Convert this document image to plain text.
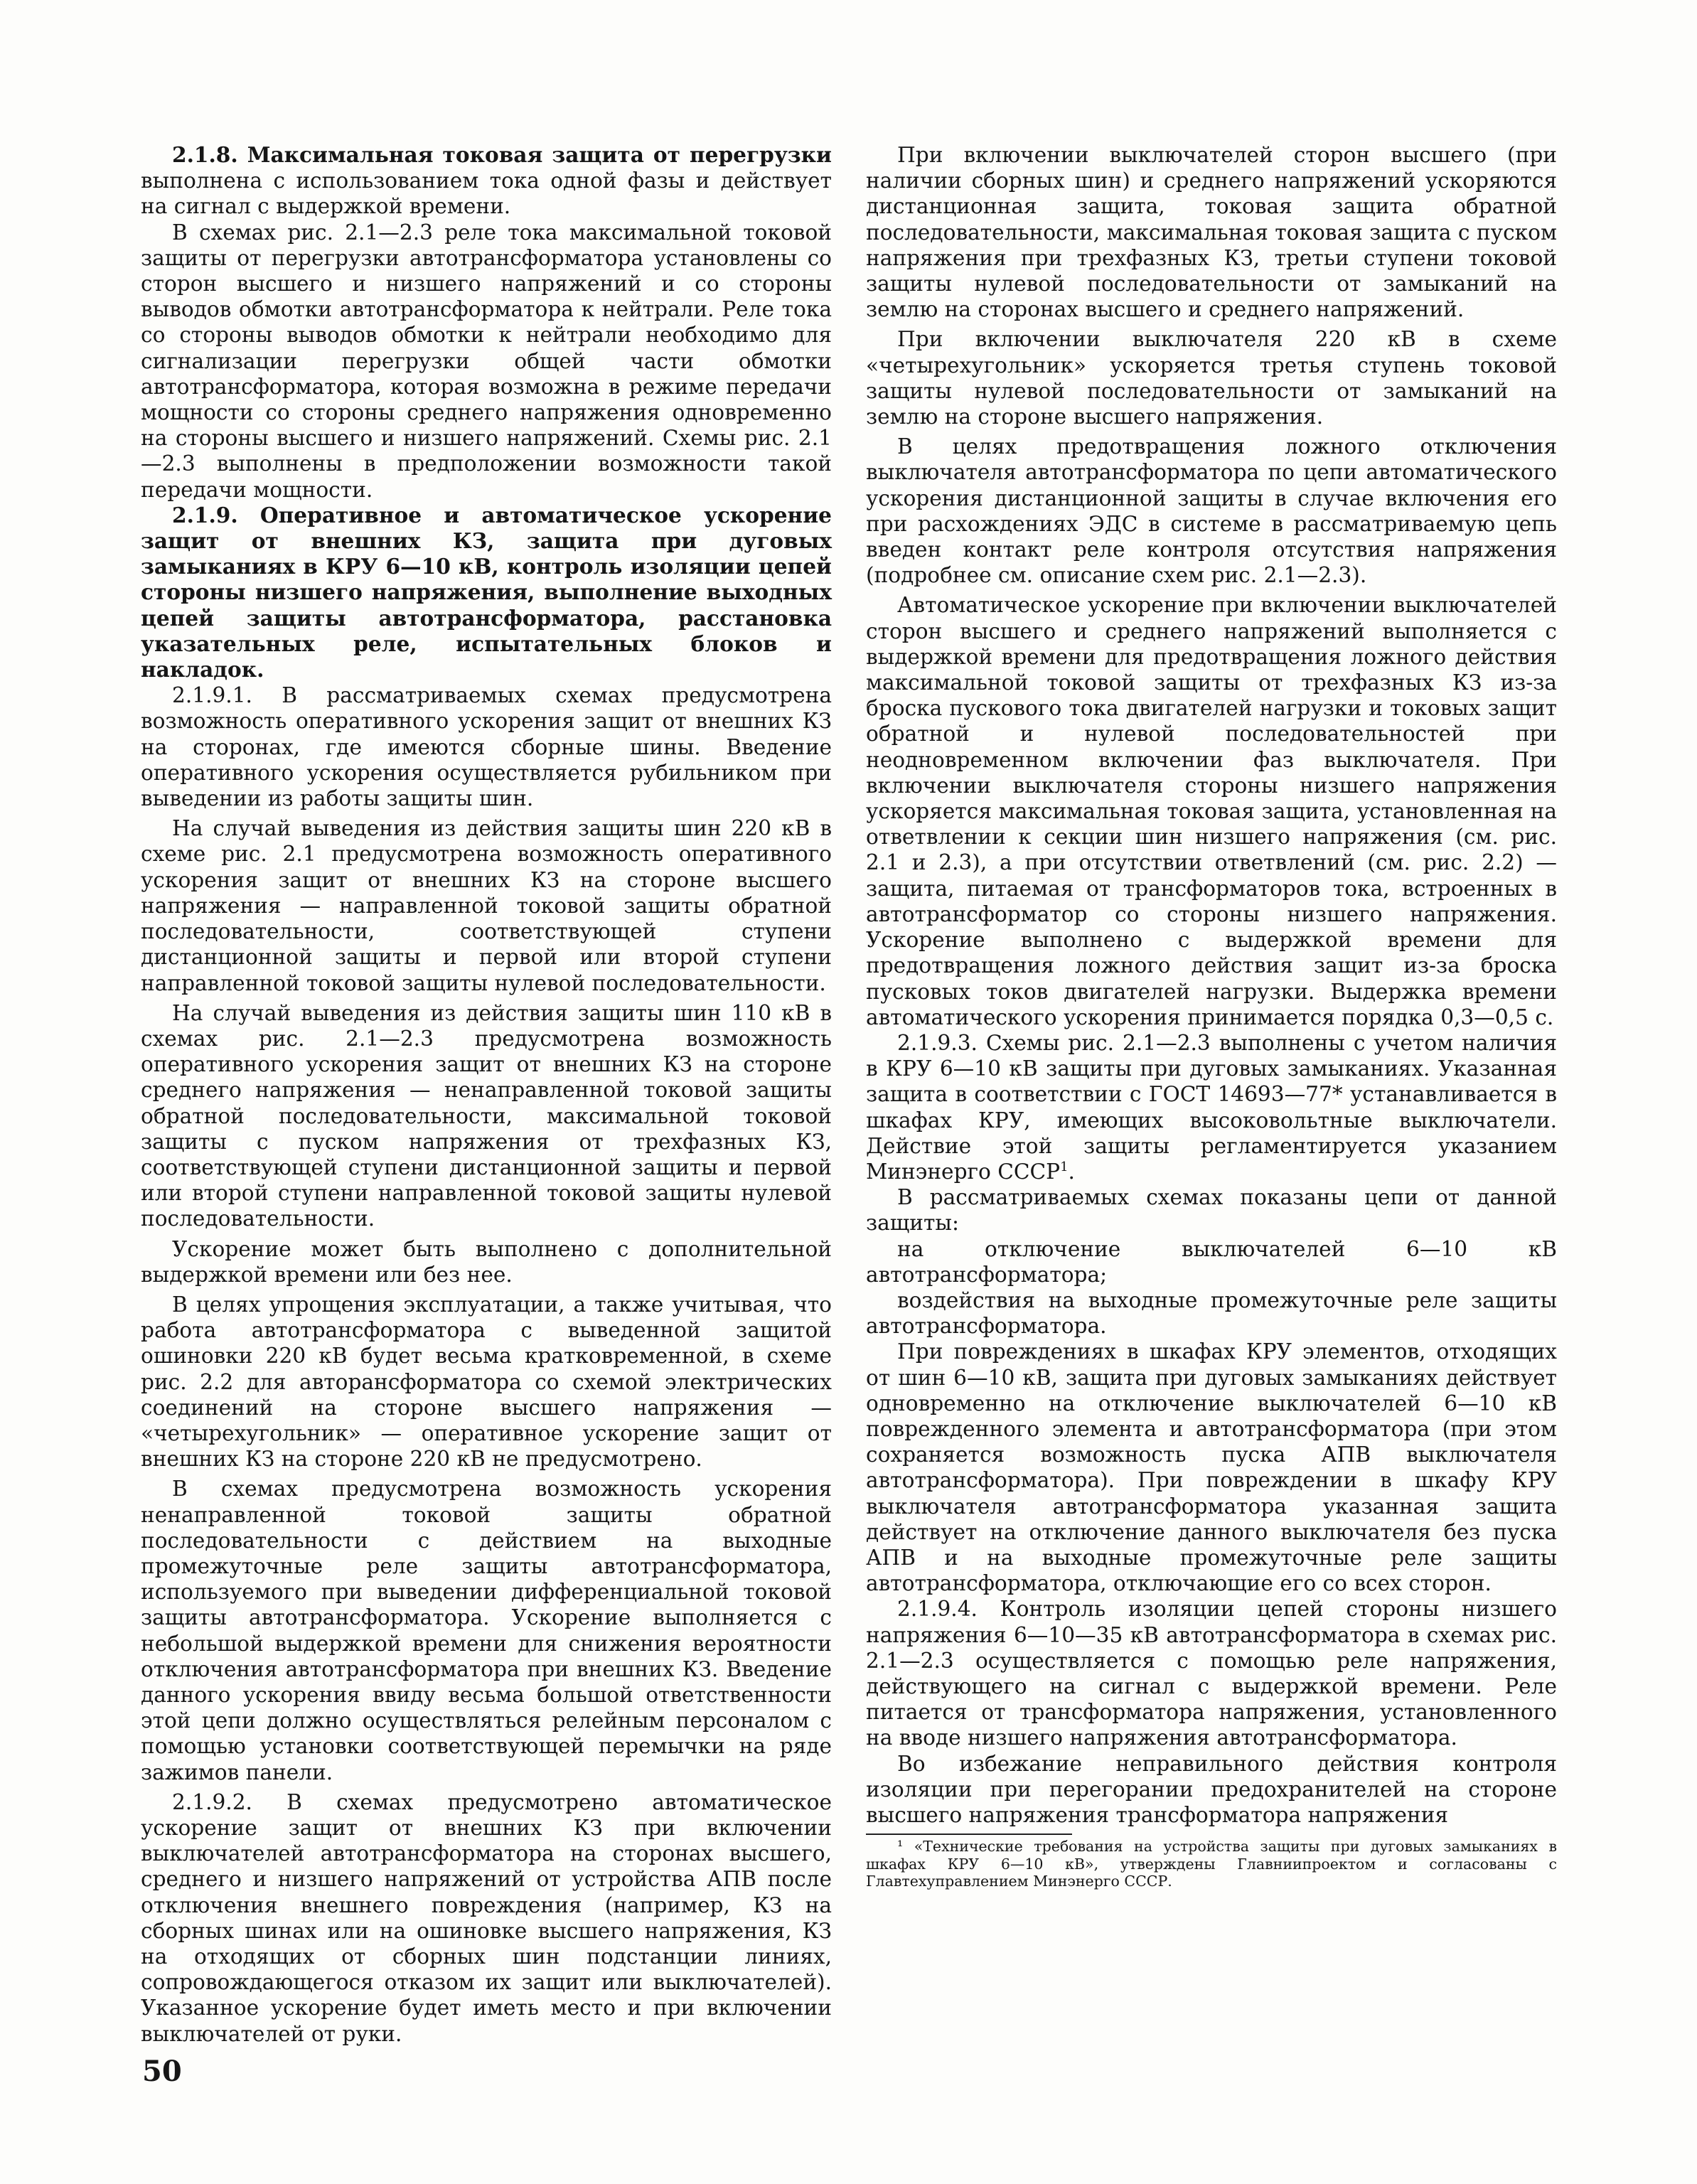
2.1.8. Максимальная токовая защита от перегрузки выполнена с использованием тока одной фазы и действует на сигнал с выдержкой времени.

В схемах рис. 2.1—2.3 реле тока максимальной токовой защиты от перегрузки автотрансформатора установлены со сторон высшего и низшего напряжений и со стороны выводов обмотки автотрансформатора к нейтрали. Реле тока со стороны выводов обмотки к нейтрали необходимо для сигнализации перегрузки общей части обмотки автотрансформатора, которая возможна в режиме передачи мощности со стороны среднего напряжения одновременно на стороны высшего и низшего напряжений. Схемы рис. 2.1—2.3 выполнены в предположении возможности такой передачи мощности.

2.1.9. Оперативное и автоматическое ускорение защит от внешних КЗ, защита при дуговых замыканиях в КРУ 6—10 кВ, контроль изоляции цепей стороны низшего напряжения, выполнение выходных цепей защиты автотрансформатора, расстановка указательных реле, испытательных блоков и накладок.

2.1.9.1. В рассматриваемых схемах предусмотрена возможность оперативного ускорения защит от внешних КЗ на сторонах, где имеются сборные шины. Введение оперативного ускорения осуществляется рубильником при выведении из работы защиты шин.

На случай выведения из действия защиты шин 220 кВ в схеме рис. 2.1 предусмотрена возможность оперативного ускорения защит от внешних КЗ на стороне высшего напряжения — направленной токовой защиты обратной последовательности, соответствующей ступени дистанционной защиты и первой или второй ступени направленной токовой защиты нулевой последовательности.

На случай выведения из действия защиты шин 110 кВ в схемах рис. 2.1—2.3 предусмотрена возможность оперативного ускорения защит от внешних КЗ на стороне среднего напряжения — ненаправленной токовой защиты обратной последовательности, максимальной токовой защиты с пуском напряжения от трехфазных КЗ, соответствующей ступени дистанционной защиты и первой или второй ступени направленной токовой защиты нулевой последовательности.

Ускорение может быть выполнено с дополнительной выдержкой времени или без нее.

В целях упрощения эксплуатации, а также учитывая, что работа автотрансформатора с выведенной защитой ошиновки 220 кВ будет весьма кратковременной, в схеме рис. 2.2 для авторансформатора со схемой электрических соединений на стороне высшего напряжения — «четырехугольник» — оперативное ускорение защит от внешних КЗ на стороне 220 кВ не предусмотрено.

В схемах предусмотрена возможность ускорения ненаправленной токовой защиты обратной последовательности с действием на выходные промежуточные реле защиты автотрансформатора, используемого при выведении дифференциальной токовой защиты автотрансформатора. Ускорение выполняется с небольшой выдержкой времени для снижения вероятности отключения автотрансформатора при внешних КЗ. Введение данного ускорения ввиду весьма большой ответственности этой цепи должно осуществляться релейным персоналом с помощью установки соответствующей перемычки на ряде зажимов панели.

2.1.9.2. В схемах предусмотрено автоматическое ускорение защит от внешних КЗ при включении выключателей автотрансформатора на сторонах высшего, среднего и низшего напряжений от устройства АПВ после отключения внешнего повреждения (например, КЗ на сборных шинах или на ошиновке высшего напряжения, КЗ на отходящих от сборных шин подстанции линиях, сопровождающегося отказом их защит или выключателей). Указанное ускорение будет иметь место и при включении выключателей от руки.

При включении выключателей сторон высшего (при наличии сборных шин) и среднего напряжений ускоряются дистанционная защита, токовая защита обратной последовательности, максимальная токовая защита с пуском напряжения при трехфазных КЗ, третьи ступени токовой защиты нулевой последовательности от замыканий на землю на сторонах высшего и среднего напряжений.

При включении выключателя 220 кВ в схеме «четырехугольник» ускоряется третья ступень токовой защиты нулевой последовательности от замыканий на землю на стороне высшего напряжения.

В целях предотвращения ложного отключения выключателя автотрансформатора по цепи автоматического ускорения дистанционной защиты в случае включения его при расхождениях ЭДС в системе в рассматриваемую цепь введен контакт реле контроля отсутствия напряжения (подробнее см. описание схем рис. 2.1—2.3).

Автоматическое ускорение при включении выключателей сторон высшего и среднего напряжений выполняется с выдержкой времени для предотвращения ложного действия максимальной токовой защиты от трехфазных КЗ из-за броска пускового тока двигателей нагрузки и токовых защит обратной и нулевой последовательностей при неодновременном включении фаз выключателя. При включении выключателя стороны низшего напряжения ускоряется максимальная токовая защита, установленная на ответвлении к секции шин низшего напряжения (см. рис. 2.1 и 2.3), а при отсутствии ответвлений (см. рис. 2.2) — защита, питаемая от трансформаторов тока, встроенных в автотрансформатор со стороны низшего напряжения. Ускорение выполнено с выдержкой времени для предотвращения ложного действия защит из-за броска пусковых токов двигателей нагрузки. Выдержка времени автоматического ускорения принимается порядка 0,3—0,5 с.

2.1.9.3. Схемы рис. 2.1—2.3 выполнены с учетом наличия в КРУ 6—10 кВ защиты при дуговых замыканиях. Указанная защита в соответствии с ГОСТ 14693—77* устанавливается в шкафах КРУ, имеющих высоковольтные выключатели. Действие этой защиты регламентируется указанием Минэнерго СССР$^1$.

В рассматриваемых схемах показаны цепи от данной защиты:

на отключение выключателей 6—10 кВ автотрансформатора;

воздействия на выходные промежуточные реле защиты автотрансформатора.

При повреждениях в шкафах КРУ элементов, отходящих от шин 6—10 кВ, защита при дуговых замыканиях действует одновременно на отключение выключателей 6—10 кВ поврежденного элемента и автотрансформатора (при этом сохраняется возможность пуска АПВ выключателя автотрансформатора). При повреждении в шкафу КРУ выключателя автотрансформатора указанная защита действует на отключение данного выключателя без пуска АПВ и на выходные промежуточные реле защиты автотрансформатора, отключающие его со всех сторон.

2.1.9.4. Контроль изоляции цепей стороны низшего напряжения 6—10—35 кВ автотрансформатора в схемах рис. 2.1—2.3 осуществляется с помощью реле напряжения, действующего на сигнал с выдержкой времени. Реле питается от трансформатора напряжения, установленного на вводе низшего напряжения автотрансформатора.

Во избежание неправильного действия контроля изоляции при перегорании предохранителей на стороне высшего напряжения трансформатора напряжения

¹ «Технические требования на устройства защиты при дуговых замыканиях в шкафах КРУ 6—10 кВ», утверждены Главниипроектом и согласованы с Главтехуправлением Минэнерго СССР.
50
